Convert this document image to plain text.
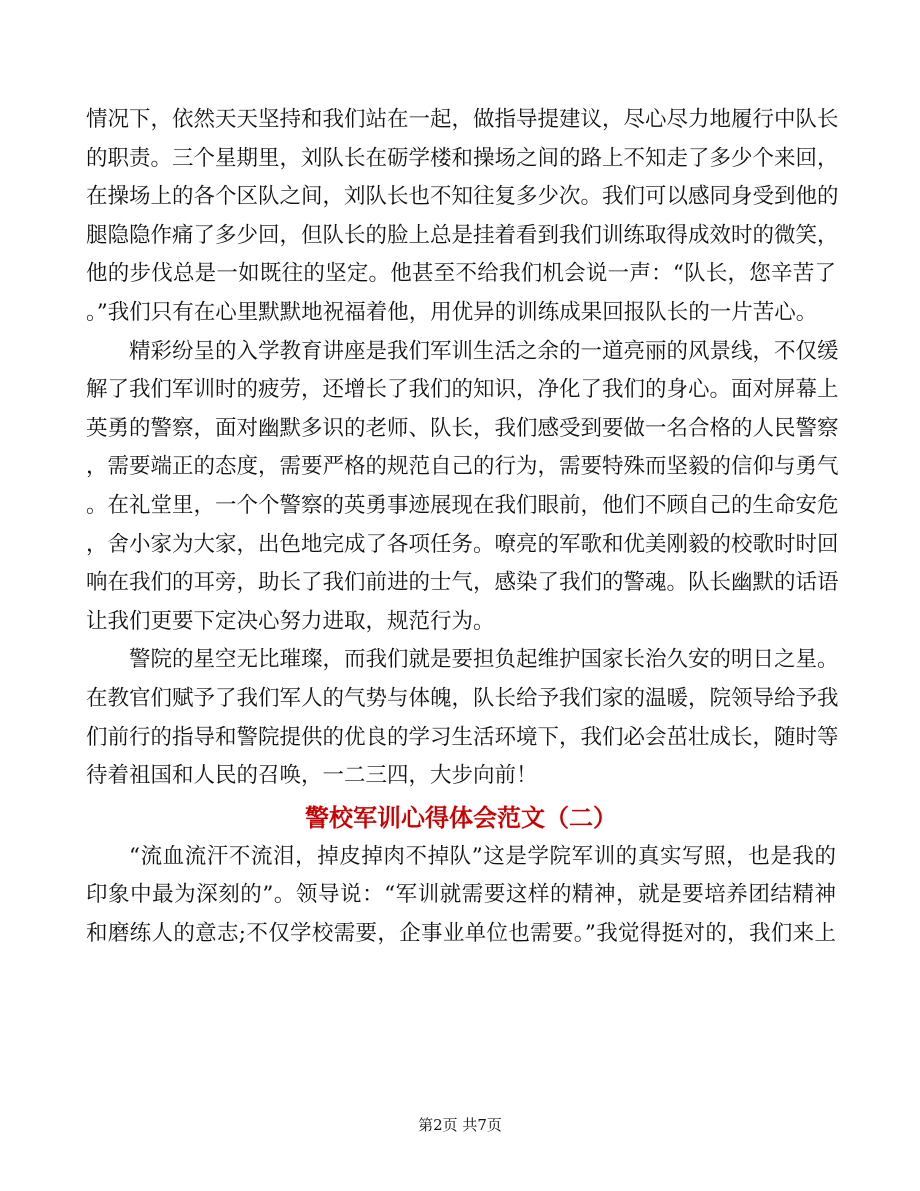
情况下，依然天天坚持和我们站在一起，做指导提建议，尽心尽力地履行中队长
的职责。三个星期里，刘队长在砺学楼和操场之间的路上不知走了多少个来回，
在操场上的各个区队之间，刘队长也不知往复多少次。我们可以感同身受到他的
腿隐隐作痛了多少回，但队长的脸上总是挂着看到我们训练取得成效时的微笑，
他的步伐总是一如既往的坚定。他甚至不给我们机会说一声：“队长，您辛苦了
。”我们只有在心里默默地祝福着他，用优异的训练成果回报队长的一片苦心。
精彩纷呈的入学教育讲座是我们军训生活之余的一道亮丽的风景线，不仅缓
解了我们军训时的疲劳，还增长了我们的知识，净化了我们的身心。面对屏幕上
英勇的警察，面对幽默多识的老师、队长，我们感受到要做一名合格的人民警察
，需要端正的态度，需要严格的规范自己的行为，需要特殊而坚毅的信仰与勇气
。在礼堂里，一个个警察的英勇事迹展现在我们眼前，他们不顾自己的生命安危
，舍小家为大家，出色地完成了各项任务。嘹亮的军歌和优美刚毅的校歌时时回
响在我们的耳旁，助长了我们前进的士气，感染了我们的警魂。队长幽默的话语
让我们更要下定决心努力进取，规范行为。
警院的星空无比璀璨，而我们就是要担负起维护国家长治久安的明日之星。
在教官们赋予了我们军人的气势与体魄，队长给予我们家的温暖，院领导给予我
们前行的指导和警院提供的优良的学习生活环境下，我们必会茁壮成长，随时等
待着祖国和人民的召唤，一二三四，大步向前！
警校军训心得体会范文（二）
“流血流汗不流泪，掉皮掉肉不掉队”这是学院军训的真实写照，也是我的
印象中最为深刻的”。领导说：“军训就需要这样的精神，就是要培养团结精神
和磨练人的意志;不仅学校需要，企事业单位也需要。”我觉得挺对的，我们来上
第2页 共7页
